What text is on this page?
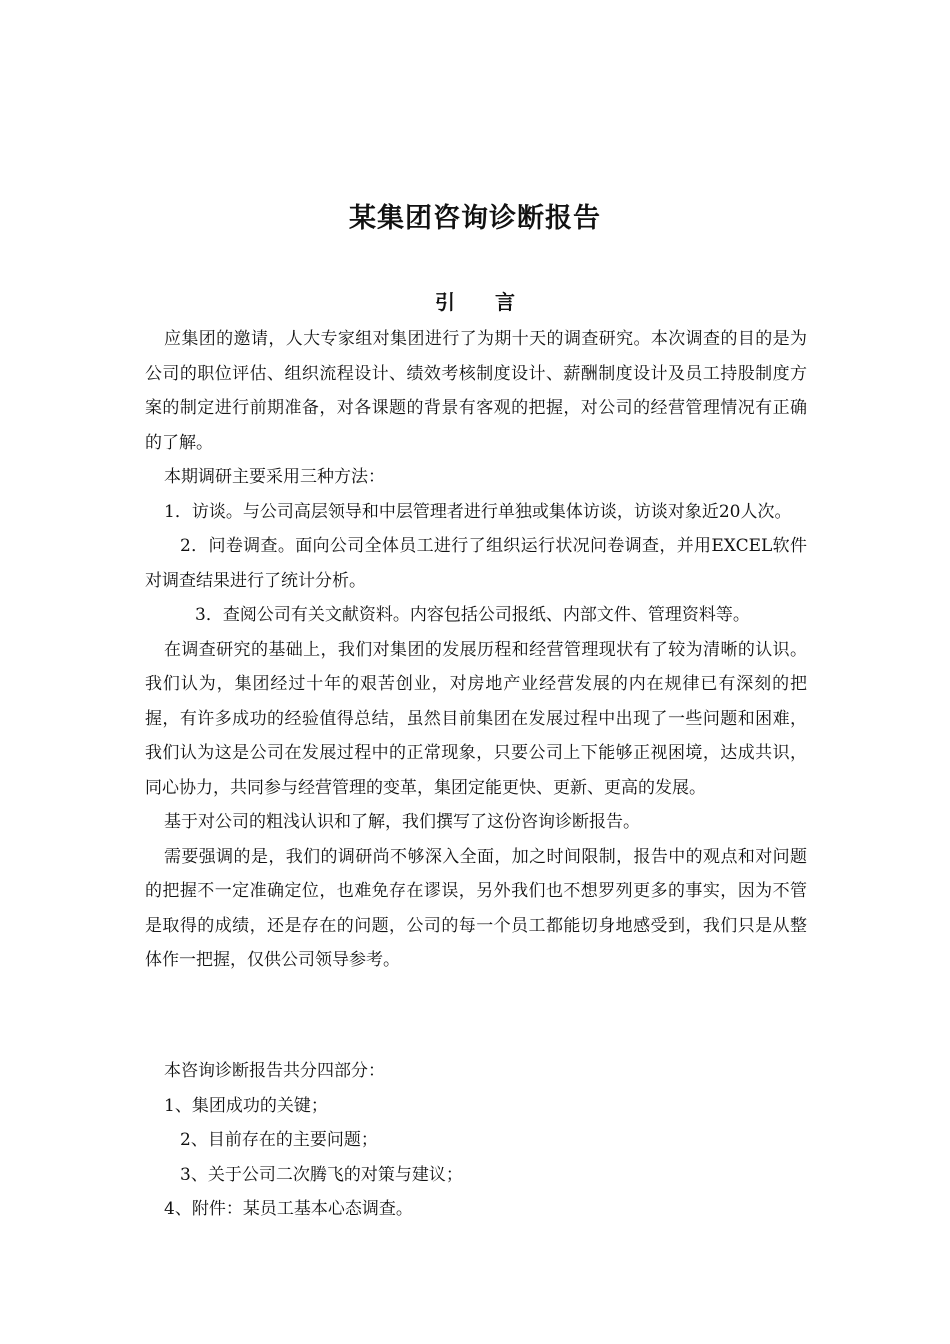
某集团咨询诊断报告
引 言

应集团的邀请，人大专家组对集团进行了为期十天的调查研究。本次调查的目的是为公司的职位评估、组织流程设计、绩效考核制度设计、薪酬制度设计及员工持股制度方案的制定进行前期准备，对各课题的背景有客观的把握，对公司的经营管理情况有正确的了解。

本期调研主要采用三种方法：

1．访谈。与公司高层领导和中层管理者进行单独或集体访谈，访谈对象近20人次。

2．问卷调查。面向公司全体员工进行了组织运行状况问卷调查，并用EXCEL软件对调查结果进行了统计分析。

3．查阅公司有关文献资料。内容包括公司报纸、内部文件、管理资料等。

在调查研究的基础上，我们对集团的发展历程和经营管理现状有了较为清晰的认识。我们认为，集团经过十年的艰苦创业，对房地产业经营发展的内在规律已有深刻的把握，有许多成功的经验值得总结，虽然目前集团在发展过程中出现了一些问题和困难，我们认为这是公司在发展过程中的正常现象，只要公司上下能够正视困境，达成共识，同心协力，共同参与经营管理的变革，集团定能更快、更新、更高的发展。

基于对公司的粗浅认识和了解，我们撰写了这份咨询诊断报告。

需要强调的是，我们的调研尚不够深入全面，加之时间限制，报告中的观点和对问题的把握不一定准确定位，也难免存在谬误，另外我们也不想罗列更多的事实，因为不管是取得的成绩，还是存在的问题，公司的每一个员工都能切身地感受到，我们只是从整体作一把握，仅供公司领导参考。

本咨询诊断报告共分四部分：
1、集团成功的关键；
2、目前存在的主要问题；
3、关于公司二次腾飞的对策与建议；
4、附件：某员工基本心态调查。
